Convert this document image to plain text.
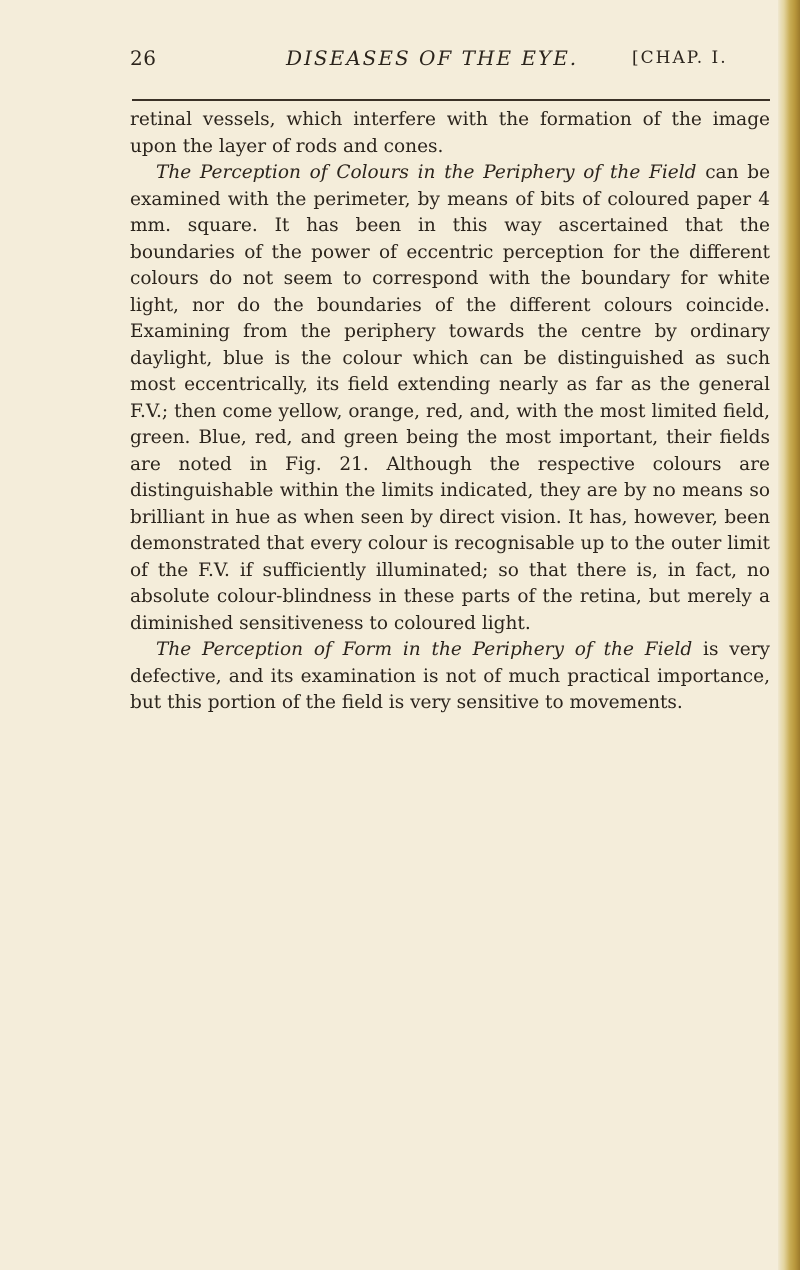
26	DISEASES OF THE EYE.	[CHAP. I.

retinal vessels, which interfere with the formation of the image upon the layer of rods and cones.

The Perception of Colours in the Periphery of the Field can be examined with the perimeter, by means of bits of coloured paper 4 mm. square. It has been in this way ascertained that the boundaries of the power of eccentric perception for the different colours do not seem to correspond with the boundary for white light, nor do the boundaries of the different colours coincide. Examining from the periphery towards the centre by ordinary daylight, blue is the colour which can be distinguished as such most eccentrically, its field extending nearly as far as the general F.V.; then come yellow, orange, red, and, with the most limited field, green. Blue, red, and green being the most important, their fields are noted in Fig. 21. Although the respective colours are distinguishable within the limits indicated, they are by no means so brilliant in hue as when seen by direct vision. It has, however, been demonstrated that every colour is recognisable up to the outer limit of the F.V. if sufficiently illuminated; so that there is, in fact, no absolute colour-blindness in these parts of the retina, but merely a diminished sensitiveness to coloured light.

The Perception of Form in the Periphery of the Field is very defective, and its examination is not of much practical importance, but this portion of the field is very sensitive to movements.
